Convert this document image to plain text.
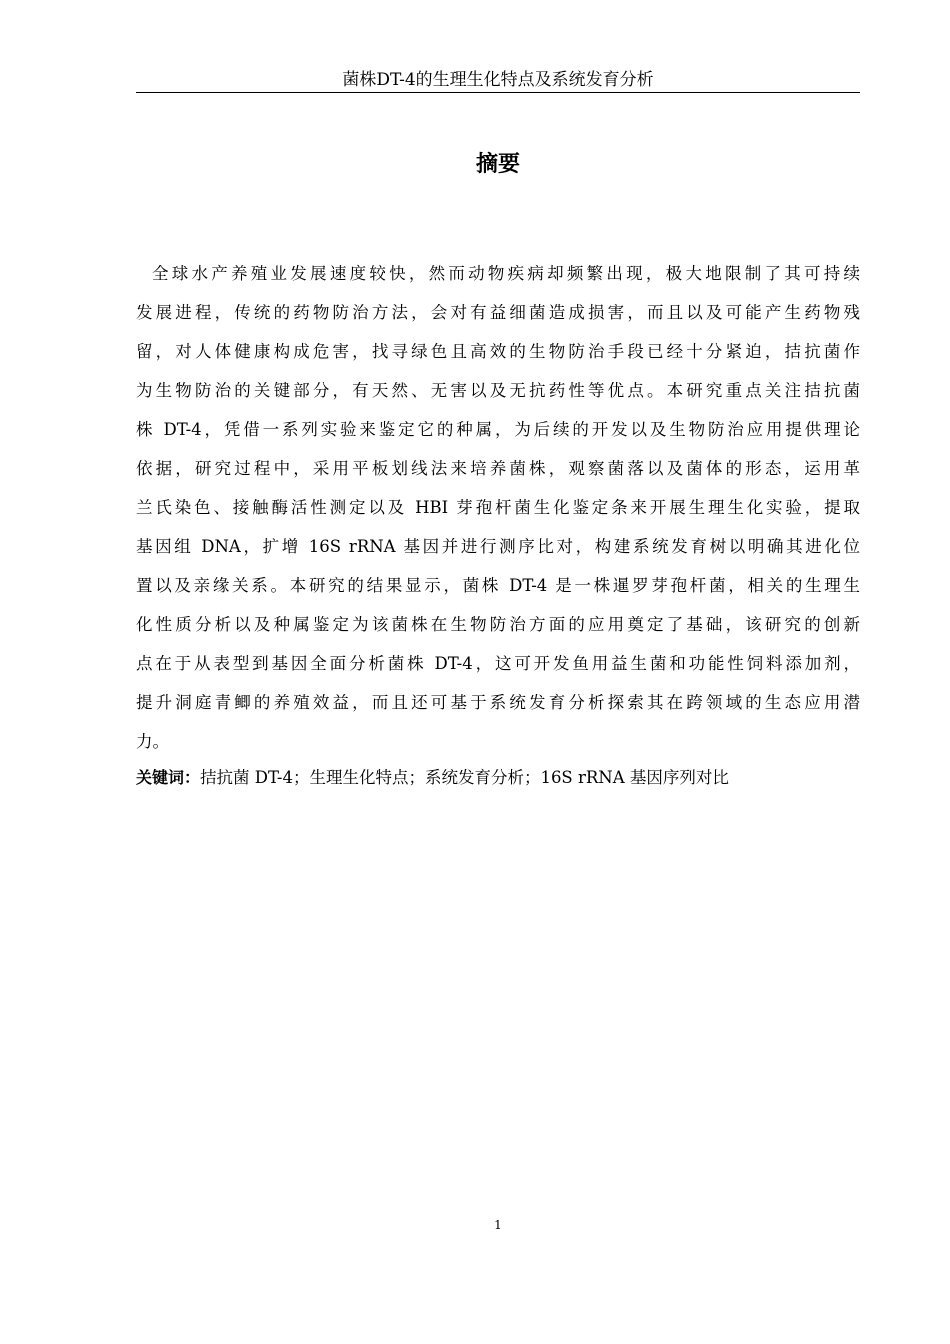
菌株DT-4的生理生化特点及系统发育分析
摘要
全球水产养殖业发展速度较快，然而动物疾病却频繁出现，极大地限制了其可持续
发展进程，传统的药物防治方法，会对有益细菌造成损害，而且以及可能产生药物残
留，对人体健康构成危害，找寻绿色且高效的生物防治手段已经十分紧迫，拮抗菌作
为生物防治的关键部分，有天然、无害以及无抗药性等优点。本研究重点关注拮抗菌
株 DT-4，凭借一系列实验来鉴定它的种属，为后续的开发以及生物防治应用提供理论
依据，研究过程中，采用平板划线法来培养菌株，观察菌落以及菌体的形态，运用革
兰氏染色、接触酶活性测定以及 HBI 芽孢杆菌生化鉴定条来开展生理生化实验，提取
基因组 DNA，扩增 16S rRNA 基因并进行测序比对，构建系统发育树以明确其进化位
置以及亲缘关系。本研究的结果显示，菌株 DT-4 是一株暹罗芽孢杆菌，相关的生理生
化性质分析以及种属鉴定为该菌株在生物防治方面的应用奠定了基础，该研究的创新
点在于从表型到基因全面分析菌株 DT-4，这可开发鱼用益生菌和功能性饲料添加剂，
提升洞庭青鲫的养殖效益，而且还可基于系统发育分析探索其在跨领域的生态应用潜
力。
关键词：拮抗菌 DT-4；生理生化特点；系统发育分析；16S rRNA 基因序列对比
1
